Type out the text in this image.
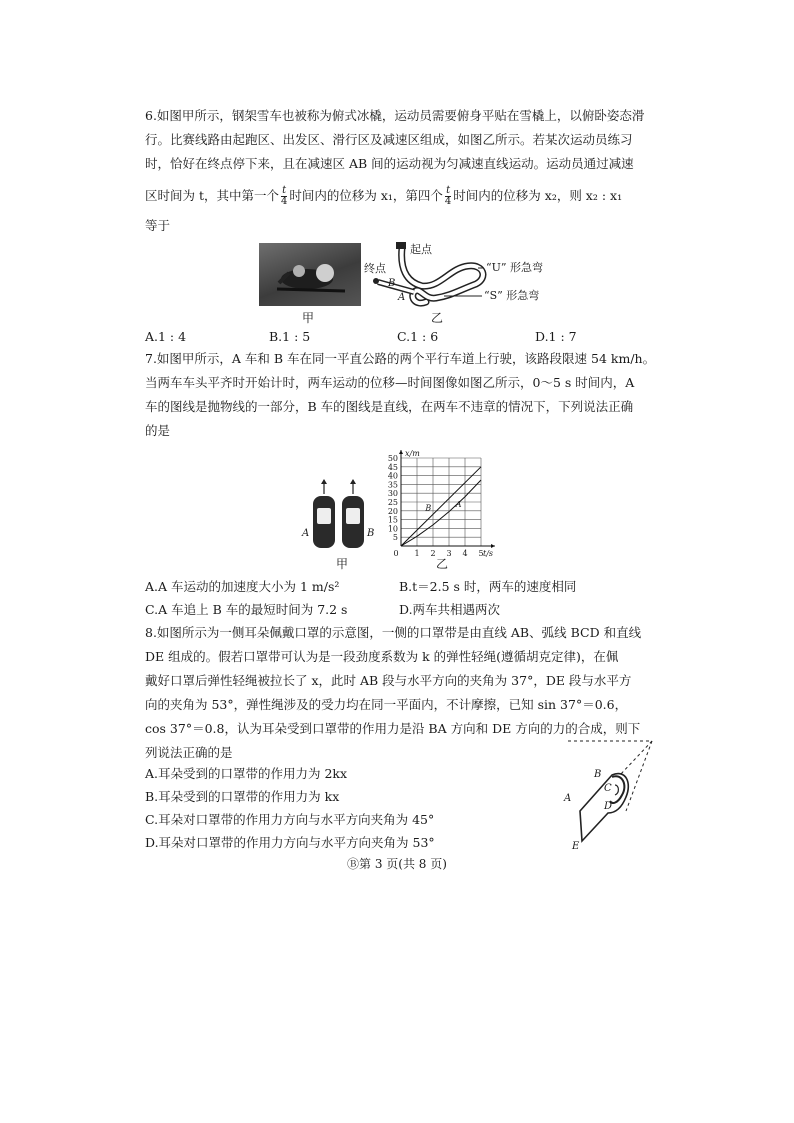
6.如图甲所示，钢架雪车也被称为俯式冰橇，运动员需要俯身平贴在雪橇上，以俯卧姿态滑
行。比赛线路由起跑区、出发区、滑行区及减速区组成，如图乙所示。若某次运动员练习
时，恰好在终点停下来，且在减速区 AB 间的运动视为匀减速直线运动。运动员通过减速
区时间为 t，其中第一个 $\frac{t}{4}$ 时间内的位移为 x₁，第四个 $\frac{t}{4}$ 时间内的位移为 x₂，则 x₂ : x₁
等于
甲
起点
终点	“U” 形急弯
“S” 形急弯
B
A
乙
A.1 : 4	B.1 : 5	C.1 : 6	D.1 : 7
7.如图甲所示，A 车和 B 车在同一平直公路的两个平行车道上行驶，该路段限速 54 km/h。
当两车车头平齐时开始计时，两车运动的位移—时间图像如图乙所示，0～5 s 时间内，A
车的图线是抛物线的一部分，B 车的图线是直线，在两车不违章的情况下，下列说法正确
的是
A	B
甲
5
10
15
20
25
30
35
40
45
50
0 1 2 3 4 5
x/m
t/s
A
B
乙
A.A 车运动的加速度大小为 1 m/s²	B.t＝2.5 s 时，两车的速度相同
C.A 车追上 B 车的最短时间为 7.2 s	D.两车共相遇两次
8.如图所示为一侧耳朵佩戴口罩的示意图，一侧的口罩带是由直线 AB、弧线 BCD 和直线
DE 组成的。假若口罩带可认为是一段劲度系数为 k 的弹性轻绳(遵循胡克定律)，在佩
戴好口罩后弹性轻绳被拉长了 x，此时 AB 段与水平方向的夹角为 37°，DE 段与水平方
向的夹角为 53°，弹性绳涉及的受力均在同一平面内，不计摩擦，已知 sin 37°＝0.6，
cos 37°＝0.8，认为耳朵受到口罩带的作用力是沿 BA 方向和 DE 方向的力的合成，则下
列说法正确的是
A.耳朵受到的口罩带的作用力为 2kx
B.耳朵受到的口罩带的作用力为 kx
C.耳朵对口罩带的作用力方向与水平方向夹角为 45°
D.耳朵对口罩带的作用力方向与水平方向夹角为 53°
B
C
D
A
E
Ⓑ第 3 页(共 8 页)
